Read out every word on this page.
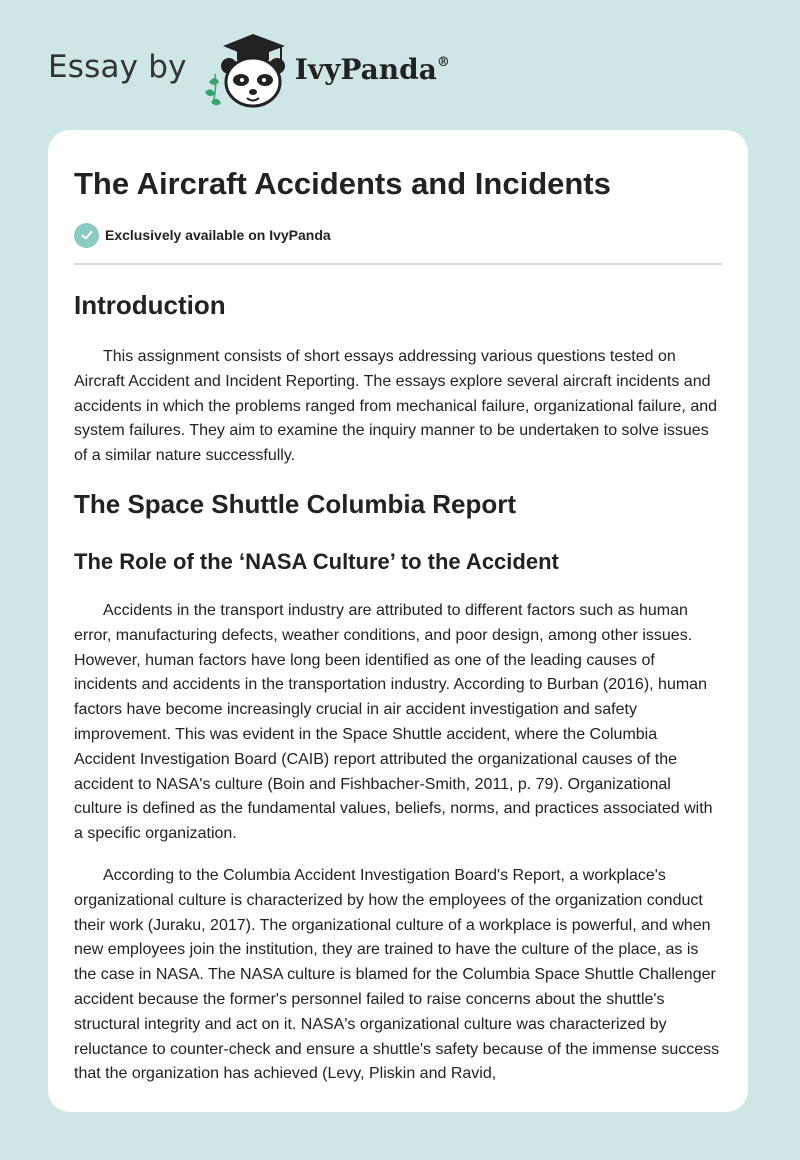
Essay by	IvyPanda®
The Aircraft Accidents and Incidents
Exclusively available on IvyPanda
Introduction

This assignment consists of short essays addressing various questions tested on Aircraft Accident and Incident Reporting. The essays explore several aircraft incidents and accidents in which the problems ranged from mechanical failure, organizational failure, and system failures. They aim to examine the inquiry manner to be undertaken to solve issues of a similar nature successfully.

The Space Shuttle Columbia Report
The Role of the ‘NASA Culture’ to the Accident

Accidents in the transport industry are attributed to different factors such as human error, manufacturing defects, weather conditions, and poor design, among other issues. However, human factors have long been identified as one of the leading causes of incidents and accidents in the transportation industry. According to Burban (2016), human factors have become increasingly crucial in air accident investigation and safety improvement. This was evident in the Space Shuttle accident, where the Columbia Accident Investigation Board (CAIB) report attributed the organizational causes of the accident to NASA's culture (Boin and Fishbacher-Smith, 2011, p. 79). Organizational culture is defined as the fundamental values, beliefs, norms, and practices associated with a specific organization.

According to the Columbia Accident Investigation Board's Report, a workplace's organizational culture is characterized by how the employees of the organization conduct their work (Juraku, 2017). The organizational culture of a workplace is powerful, and when new employees join the institution, they are trained to have the culture of the place, as is the case in NASA. The NASA culture is blamed for the Columbia Space Shuttle Challenger accident because the former's personnel failed to raise concerns about the shuttle's structural integrity and act on it. NASA's organizational culture was characterized by reluctance to counter-check and ensure a shuttle's safety because of the immense success that the organization has achieved (Levy, Pliskin and Ravid,
